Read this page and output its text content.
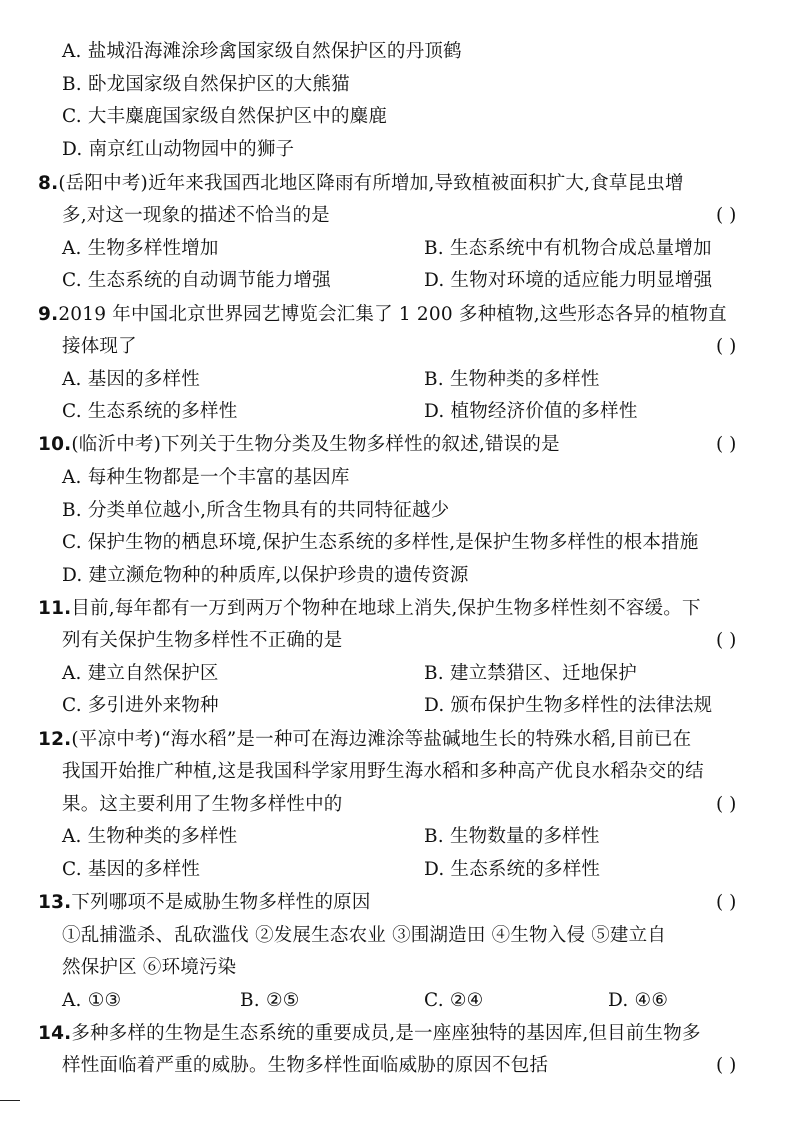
A. 盐城沿海滩涂珍禽国家级自然保护区的丹顶鹤
B. 卧龙国家级自然保护区的大熊猫
C. 大丰麋鹿国家级自然保护区中的麋鹿
D. 南京红山动物园中的狮子
8.(岳阳中考)近年来我国西北地区降雨有所增加,导致植被面积扩大,食草昆虫增
多,对这一现象的描述不恰当的是	( )
A. 生物多样性增加	B. 生态系统中有机物合成总量增加
C. 生态系统的自动调节能力增强	D. 生物对环境的适应能力明显增强
9.2019 年中国北京世界园艺博览会汇集了 1 200 多种植物,这些形态各异的植物直
接体现了	( )
A. 基因的多样性	B. 生物种类的多样性
C. 生态系统的多样性	D. 植物经济价值的多样性
10.(临沂中考)下列关于生物分类及生物多样性的叙述,错误的是	( )
A. 每种生物都是一个丰富的基因库
B. 分类单位越小,所含生物具有的共同特征越少
C. 保护生物的栖息环境,保护生态系统的多样性,是保护生物多样性的根本措施
D. 建立濒危物种的种质库,以保护珍贵的遗传资源
11.目前,每年都有一万到两万个物种在地球上消失,保护生物多样性刻不容缓。下
列有关保护生物多样性不正确的是	( )
A. 建立自然保护区	B. 建立禁猎区、迁地保护
C. 多引进外来物种	D. 颁布保护生物多样性的法律法规
12.(平凉中考)“海水稻”是一种可在海边滩涂等盐碱地生长的特殊水稻,目前已在
我国开始推广种植,这是我国科学家用野生海水稻和多种高产优良水稻杂交的结
果。这主要利用了生物多样性中的	( )
A. 生物种类的多样性	B. 生物数量的多样性
C. 基因的多样性	D. 生态系统的多样性
13.下列哪项不是威胁生物多样性的原因	( )
①乱捕滥杀、乱砍滥伐 ②发展生态农业 ③围湖造田 ④生物入侵 ⑤建立自
然保护区 ⑥环境污染
A. ①③	B. ②⑤	C. ②④	D. ④⑥
14.多种多样的生物是生态系统的重要成员,是一座座独特的基因库,但目前生物多
样性面临着严重的威胁。生物多样性面临威胁的原因不包括	( )
